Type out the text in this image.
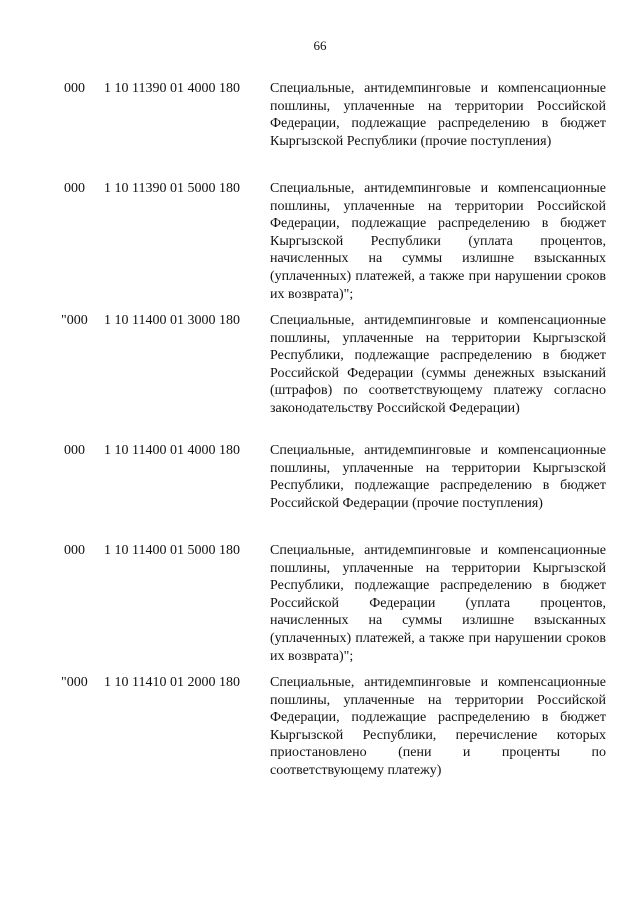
66
000 1 10 11390 01 4000 180 Специальные, антидемпинговые и компенсационные пошлины, уплаченные на территории Российской Федерации, подлежащие распределению в бюджет Кыргызской Республики (прочие поступления)
000 1 10 11390 01 5000 180 Специальные, антидемпинговые и компенсационные пошлины, уплаченные на территории Российской Федерации, подлежащие распределению в бюджет Кыргызской Республики (уплата процентов, начисленных на суммы излишне взысканных (уплаченных) платежей, а также при нарушении сроков их возврата)";
"000 1 10 11400 01 3000 180 Специальные, антидемпинговые и компенсационные пошлины, уплаченные на территории Кыргызской Республики, подлежащие распределению в бюджет Российской Федерации (суммы денежных взысканий (штрафов) по соответствующему платежу согласно законодательству Российской Федерации)
000 1 10 11400 01 4000 180 Специальные, антидемпинговые и компенсационные пошлины, уплаченные на территории Кыргызской Республики, подлежащие распределению в бюджет Российской Федерации (прочие поступления)
000 1 10 11400 01 5000 180 Специальные, антидемпинговые и компенсационные пошлины, уплаченные на территории Кыргызской Республики, подлежащие распределению в бюджет Российской Федерации (уплата процентов, начисленных на суммы излишне взысканных (уплаченных) платежей, а также при нарушении сроков их возврата)";
"000 1 10 11410 01 2000 180 Специальные, антидемпинговые и компенсационные пошлины, уплаченные на территории Российской Федерации, подлежащие распределению в бюджет Кыргызской Республики, перечисление которых приостановлено (пени и проценты по соответствующему платежу)
